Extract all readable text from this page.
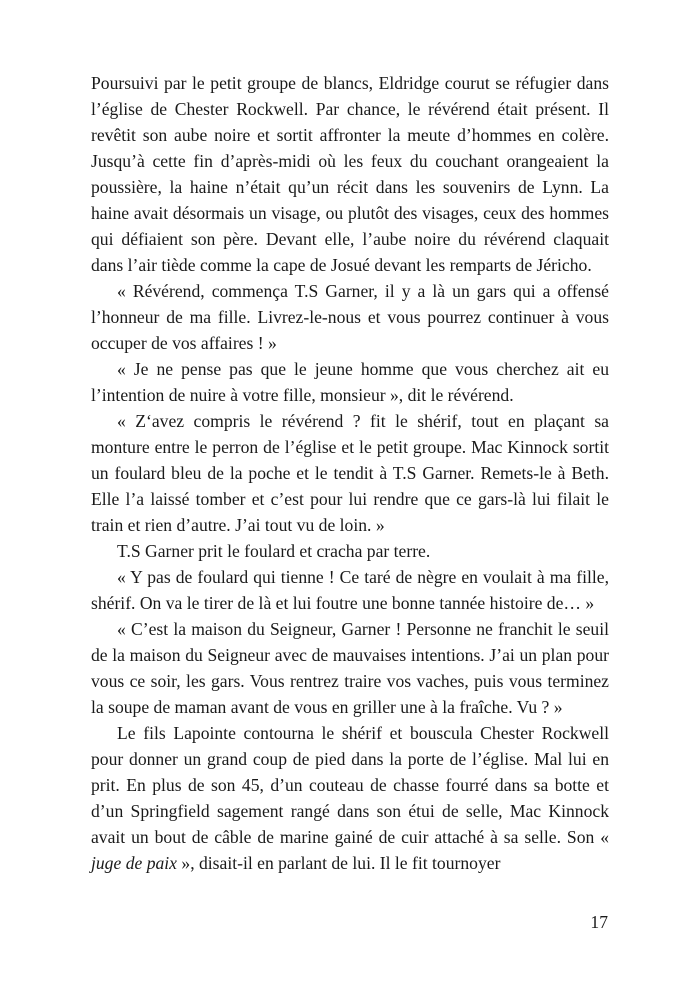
Poursuivi par le petit groupe de blancs, Eldridge courut se réfugier dans l’église de Chester Rockwell. Par chance, le révérend était présent. Il revêtit son aube noire et sortit affronter la meute d’hommes en colère. Jusqu’à cette fin d’après-midi où les feux du couchant orangeaient la poussière, la haine n’était qu’un récit dans les souvenirs de Lynn. La haine avait désormais un visage, ou plutôt des visages, ceux des hommes qui défiaient son père. Devant elle, l’aube noire du révérend claquait dans l’air tiède comme la cape de Josué devant les remparts de Jéricho.

« Révérend, commença T.S Garner, il y a là un gars qui a offensé l’honneur de ma fille. Livrez-le-nous et vous pourrez continuer à vous occuper de vos affaires ! »

« Je ne pense pas que le jeune homme que vous cherchez ait eu l’intention de nuire à votre fille, monsieur », dit le révérend.

« Z‘avez compris le révérend ? fit le shérif, tout en plaçant sa monture entre le perron de l’église et le petit groupe. Mac Kinnock sortit un foulard bleu de la poche et le tendit à T.S Garner. Remets-le à Beth. Elle l’a laissé tomber et c’est pour lui rendre que ce gars-là lui filait le train et rien d’autre. J’ai tout vu de loin. »

T.S Garner prit le foulard et cracha par terre.

« Y pas de foulard qui tienne ! Ce taré de nègre en voulait à ma fille, shérif. On va le tirer de là et lui foutre une bonne tannée histoire de… »

« C’est la maison du Seigneur, Garner ! Personne ne franchit le seuil de la maison du Seigneur avec de mauvaises intentions. J’ai un plan pour vous ce soir, les gars. Vous rentrez traire vos vaches, puis vous terminez la soupe de maman avant de vous en griller une à la fraîche. Vu ? »

Le fils Lapointe contourna le shérif et bouscula Chester Rockwell pour donner un grand coup de pied dans la porte de l’église. Mal lui en prit. En plus de son 45, d’un couteau de chasse fourré dans sa botte et d’un Springfield sagement rangé dans son étui de selle, Mac Kinnock avait un bout de câble de marine gainé de cuir attaché à sa selle. Son « juge de paix », disait-il en parlant de lui. Il le fit tournoyer

17
